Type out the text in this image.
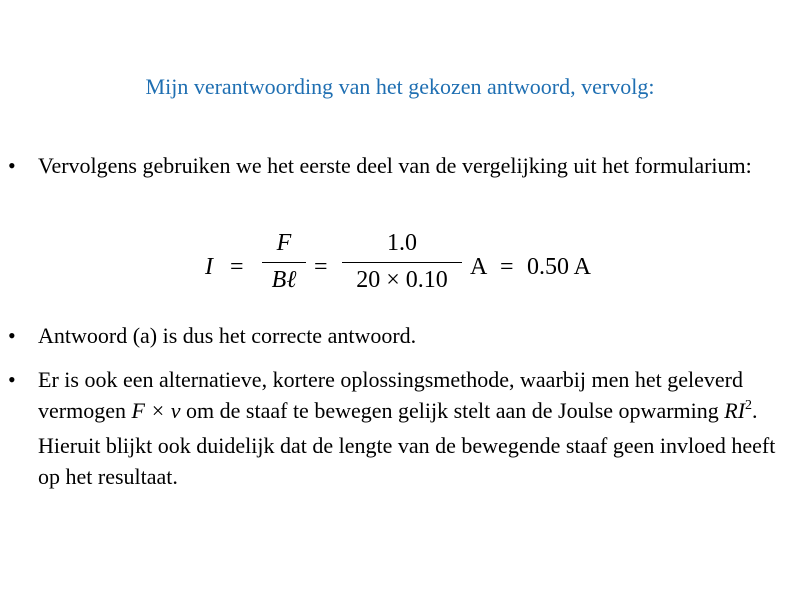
Mijn verantwoording van het gekozen antwoord, vervolg:
•	Vervolgens gebruiken we het eerste deel van de vergelijking uit het formularium:
I =
F
Bℓ =
1.0
20 × 0.10 A = 0.50 A
•	Antwoord (a) is dus het correcte antwoord.
•	Er is ook een alternatieve, kortere oplossingsmethode, waarbij men het geleverd vermogen F × v om de staaf te bewegen gelijk stelt aan de Joulse opwarming $RI^2$. Hieruit blijkt ook duidelijk dat de lengte van de bewegende staaf geen invloed heeft op het resultaat.
